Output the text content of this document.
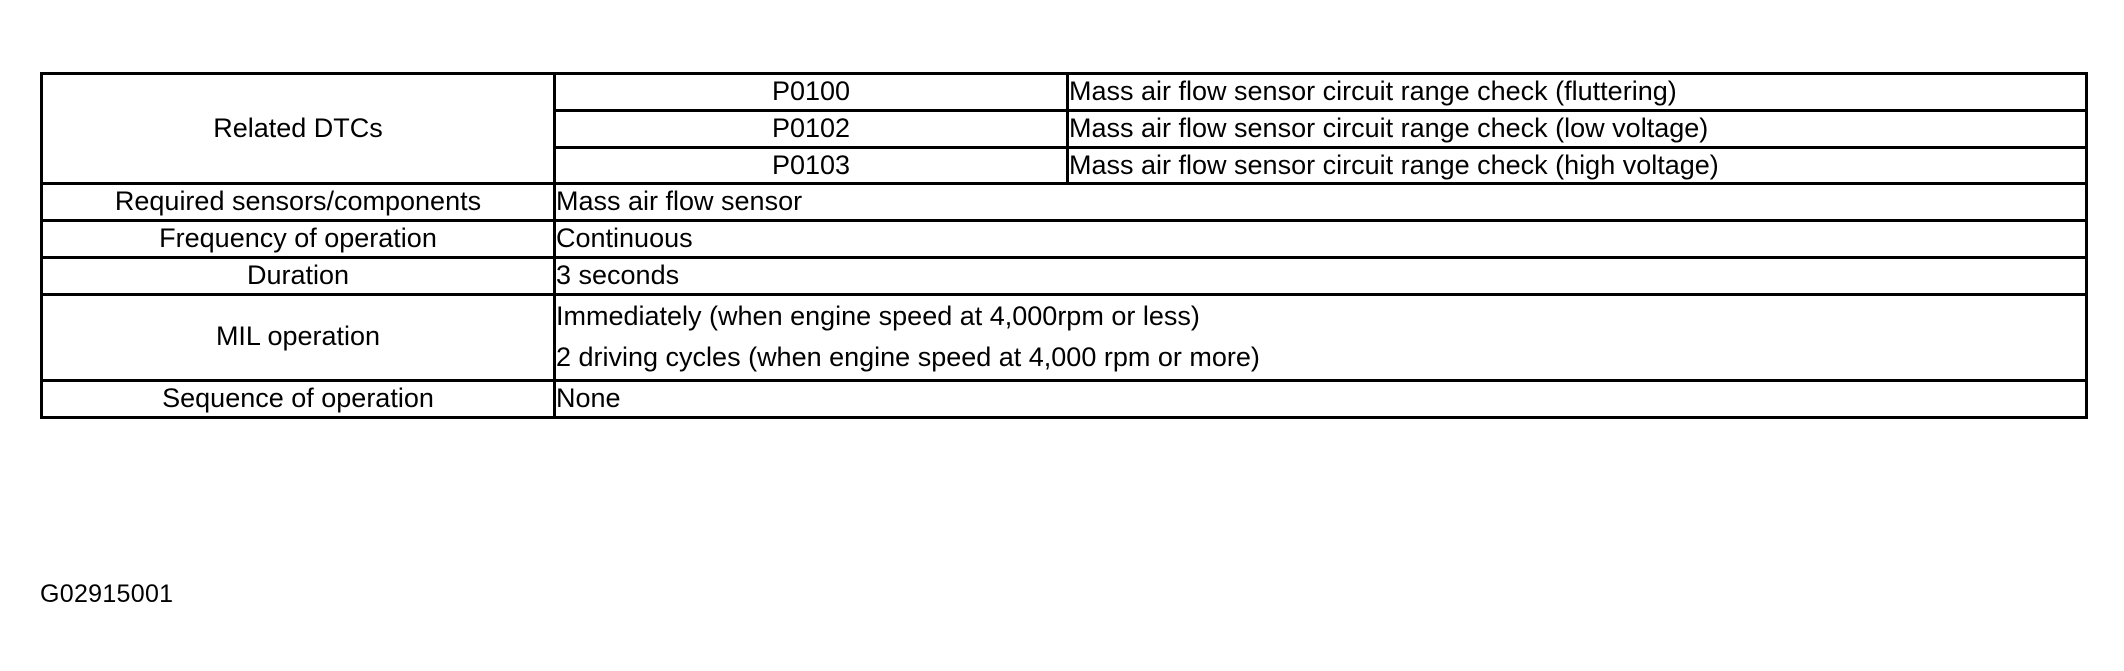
Related DTCs	P0100	Mass air flow sensor circuit range check (fluttering)
	P0102	Mass air flow sensor circuit range check (low voltage)
	P0103	Mass air flow sensor circuit range check (high voltage)
Required sensors/components	Mass air flow sensor	
Frequency of operation	Continuous	
Duration	3 seconds	
MIL operation	Immediately (when engine speed at 4,000rpm or less)
2 driving cycles (when engine speed at 4,000 rpm or more)	

Sequence of operation	None	
G02915001
